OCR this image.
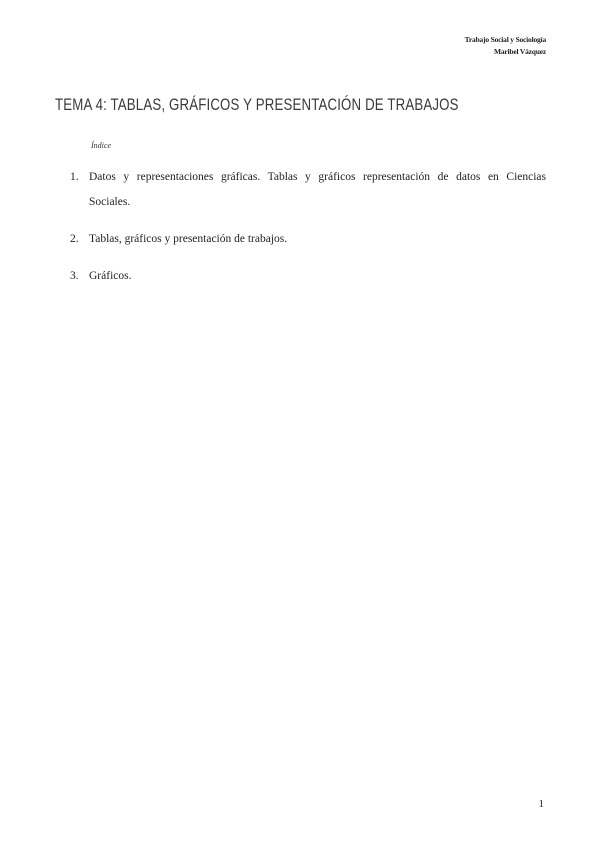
Trabajo Social y Sociología
Maribel Vázquez
TEMA 4: TABLAS, GRÁFICOS Y PRESENTACIÓN DE TRABAJOS
Índice
1. Datos y representaciones gráficas. Tablas y gráficos representación de datos en Ciencias Sociales.
2. Tablas, gráficos y presentación de trabajos.
3. Gráficos.
1
